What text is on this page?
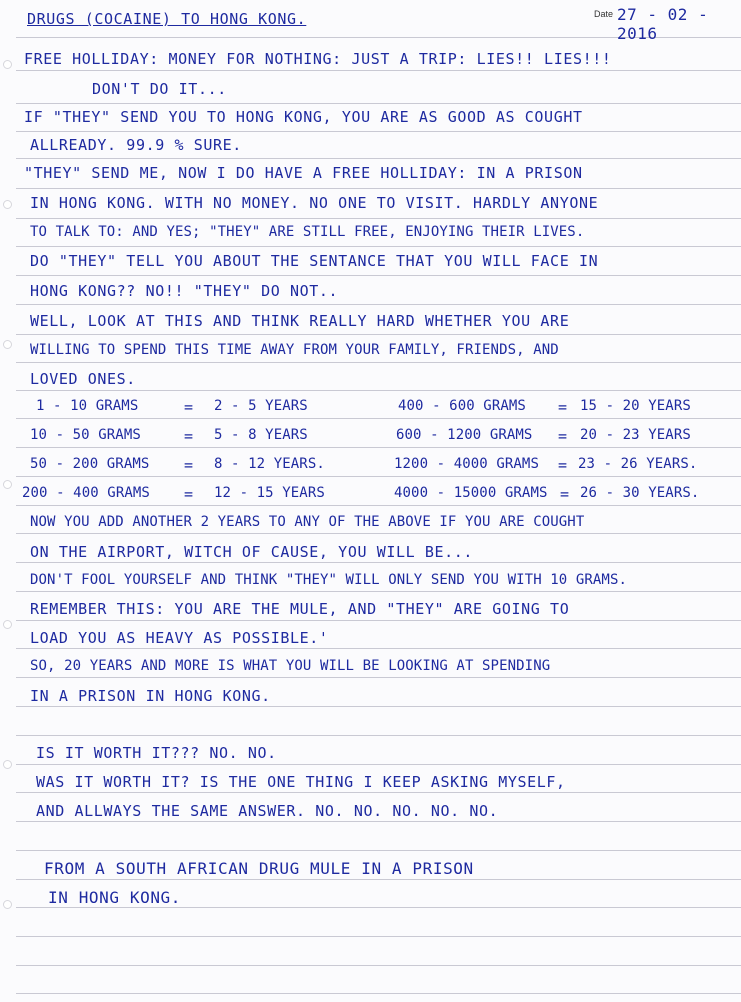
DRUGS (COCAINE) TO HONG KONG.	Date 27 - 02 - 2016
FREE HOLLIDAY: MONEY FOR NOTHING: JUST A TRIP: LIES!! LIES!!!
DON'T DO IT...
IF "THEY" SEND YOU TO HONG KONG, YOU ARE AS GOOD AS COUGHT
ALLREADY. 99.9 % SURE.
"THEY" SEND ME, NOW I DO HAVE A FREE HOLLIDAY: IN A PRISON
IN HONG KONG. WITH NO MONEY. NO ONE TO VISIT. HARDLY ANYONE
TO TALK TO: AND YES; "THEY" ARE STILL FREE, ENJOYING THEIR LIVES.
DO "THEY" TELL YOU ABOUT THE SENTANCE THAT YOU WILL FACE IN
HONG KONG?? NO!! "THEY" DO NOT..
WELL, LOOK AT THIS AND THINK REALLY HARD WHETHER YOU ARE
WILLING TO SPEND THIS TIME AWAY FROM YOUR FAMILY, FRIENDS, AND
LOVED ONES.
1 - 10 GRAMS	= 2 - 5 YEARS	400 - 600 GRAMS = 15 - 20 YEARS
10 - 50 GRAMS	= 5 - 8 YEARS	600 - 1200 GRAMS = 20 - 23 YEARS
50 - 200 GRAMS = 8 - 12 YEARS.	1200 - 4000 GRAMS = 23 - 26 YEARS.
200 - 400 GRAMS = 12 - 15 YEARS	4000 - 15000 GRAMS = 26 - 30 YEARS.
NOW YOU ADD ANOTHER 2 YEARS TO ANY OF THE ABOVE IF YOU ARE COUGHT
ON THE AIRPORT, WITCH OF CAUSE, YOU WILL BE...
DON'T FOOL YOURSELF AND THINK "THEY" WILL ONLY SEND YOU WITH 10 GRAMS.
REMEMBER THIS: YOU ARE THE MULE, AND "THEY" ARE GOING TO
LOAD YOU AS HEAVY AS POSSIBLE.'
SO, 20 YEARS AND MORE IS WHAT YOU WILL BE LOOKING AT SPENDING
IN A PRISON IN HONG KONG.
IS IT WORTH IT??? NO. NO.
WAS IT WORTH IT? IS THE ONE THING I KEEP ASKING MYSELF,
AND ALLWAYS THE SAME ANSWER. NO. NO. NO. NO. NO.
FROM A SOUTH AFRICAN DRUG MULE IN A PRISON
IN HONG KONG.
